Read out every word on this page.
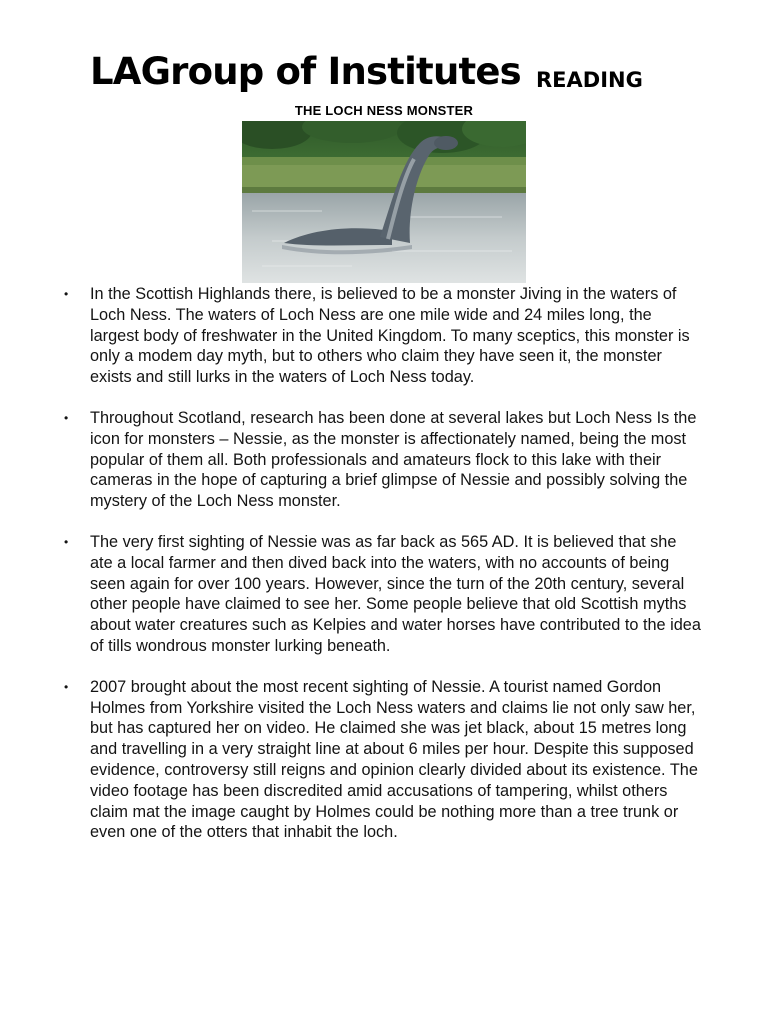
LAGroup of Institutes READING
THE LOCH NESS MONSTER
• In the Scottish Highlands there, is believed to be a monster Jiving in the waters of Loch Ness. The waters of Loch Ness are one mile wide and 24 miles long, the largest body of freshwater in the United Kingdom. To many sceptics, this monster is only a modem day myth, but to others who claim they have seen it, the monster exists and still lurks in the waters of Loch Ness today.
• Throughout Scotland, research has been done at several lakes but Loch Ness Is the icon for monsters – Nessie, as the monster is affectionately named, being the most popular of them all. Both professionals and amateurs flock to this lake with their cameras in the hope of capturing a brief glimpse of Nessie and possibly solving the mystery of the Loch Ness monster.
• The very first sighting of Nessie was as far back as 565 AD. It is believed that she ate a local farmer and then dived back into the waters, with no accounts of being seen again for over 100 years. However, since the turn of the 20th century, several other people have claimed to see her. Some people believe that old Scottish myths about water creatures such as Kelpies and water horses have contributed to the idea of tills wondrous monster lurking beneath.
• 2007 brought about the most recent sighting of Nessie. A tourist named Gordon Holmes from Yorkshire visited the Loch Ness waters and claims lie not only saw her, but has captured her on video. He claimed she was jet black, about 15 metres long and travelling in a very straight line at about 6 miles per hour. Despite this supposed evidence, controversy still reigns and opinion clearly divided about its existence. The video footage has been discredited amid accusations of tampering, whilst others claim mat the image caught by Holmes could be nothing more than a tree trunk or even one of the otters that inhabit the loch.
